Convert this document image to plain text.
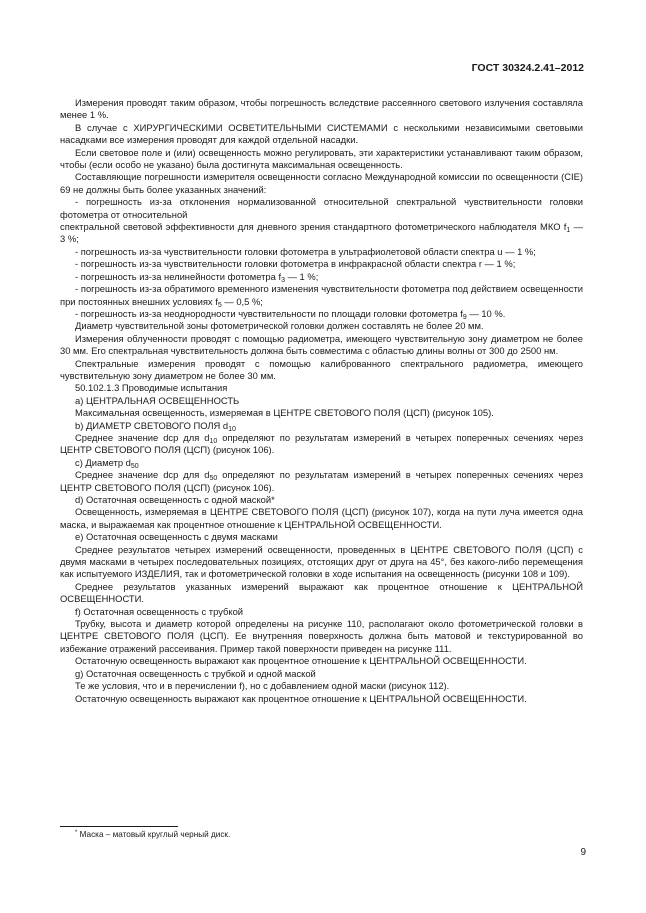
ГОСТ 30324.2.41–2012

Измерения проводят таким образом, чтобы погрешность вследствие рассеянного светового излучения составляла менее 1 %.

В случае с ХИРУРГИЧЕСКИМИ ОСВЕТИТЕЛЬНЫМИ СИСТЕМАМИ с несколькими независимыми световыми насадками все измерения проводят для каждой отдельной насадки.

Если световое поле и (или) освещенность можно регулировать, эти характеристики устанавливают таким образом, чтобы (если особо не указано) была достигнута максимальная освещенность.

Составляющие погрешности измерителя освещенности согласно Международной комиссии по освещенности (CIE) 69 не должны быть более указанных значений:

- погрешность из-за отклонения нормализованной относительной спектральной чувствительности головки фотометра от относительной

спектральной световой эффективности для дневного зрения стандартного фотометрического наблюдателя МКО $f_1$ — 3 %;

- погрешность из-за чувствительности головки фотометра в ультрафиолетовой области спектра u — 1 %;

- погрешность из-за чувствительности головки фотометра в инфракрасной области спектра r — 1 %;

- погрешность из-за нелинейности фотометра $f_3$ — 1 %;

- погрешность из-за обратимого временного изменения чувствительности фотометра под действием освещенности при постоянных внешних условиях $f_5$ — 0,5 %;

- погрешность из-за неоднородности чувствительности по площади головки фотометра $f_9$ — 10 %.

Диаметр чувствительной зоны фотометрической головки должен составлять не более 20 мм.

Измерения облученности проводят с помощью радиометра, имеющего чувствительную зону диаметром не более 30 мм. Его спектральная чувствительность должна быть совместима с областью длины волны от 300 до 2500 нм.

Спектральные измерения проводят с помощью калиброванного спектрального радиометра, имеющего чувствительную зону диаметром не более 30 мм.

50.102.1.3 Проводимые испытания

a) ЦЕНТРАЛЬНАЯ ОСВЕЩЕННОСТЬ

Максимальная освещенность, измеряемая в ЦЕНТРЕ СВЕТОВОГО ПОЛЯ (ЦСП) (рисунок 105).

b) ДИАМЕТР СВЕТОВОГО ПОЛЯ $d_{10}$

Среднее значение dср для $d_{10}$ определяют по результатам измерений в четырех поперечных сечениях через ЦЕНТР СВЕТОВОГО ПОЛЯ (ЦСП) (рисунок 106).

c) Диаметр $d_{50}$

Среднее значение dср для $d_{50}$ определяют по результатам измерений в четырех поперечных сечениях через ЦЕНТР СВЕТОВОГО ПОЛЯ (ЦСП) (рисунок 106).

d) Остаточная освещенность с одной маской*

Освещенность, измеряемая в ЦЕНТРЕ СВЕТОВОГО ПОЛЯ (ЦСП) (рисунок 107), когда на пути луча имеется одна маска, и выражаемая как процентное отношение к ЦЕНТРАЛЬНОЙ ОСВЕЩЕННОСТИ.

e) Остаточная освещенность с двумя масками

Среднее результатов четырех измерений освещенности, проведенных в ЦЕНТРЕ СВЕТОВОГО ПОЛЯ (ЦСП) с двумя масками в четырех последовательных позициях, отстоящих друг от друга на 45°, без какого-либо перемещения как испытуемого ИЗДЕЛИЯ, так и фотометрической головки в ходе испытания на освещенность (рисунки 108 и 109).

Среднее результатов указанных измерений выражают как процентное отношение к ЦЕНТРАЛЬНОЙ ОСВЕЩЕННОСТИ.

f) Остаточная освещенность с трубкой

Трубку, высота и диаметр которой определены на рисунке 110, располагают около фотометрической головки в ЦЕНТРЕ СВЕТОВОГО ПОЛЯ (ЦСП). Ее внутренняя поверхность должна быть матовой и текстурированной во избежание отражений рассеивания. Пример такой поверхности приведен на рисунке 111.

Остаточную освещенность выражают как процентное отношение к ЦЕНТРАЛЬНОЙ ОСВЕЩЕННОСТИ.

g) Остаточная освещенность с трубкой и одной маской

Те же условия, что и в перечислении f), но с добавлением одной маски (рисунок 112).

Остаточную освещенность выражают как процентное отношение к ЦЕНТРАЛЬНОЙ ОСВЕЩЕННОСТИ.

* Маска – матовый круглый черный диск.
9
